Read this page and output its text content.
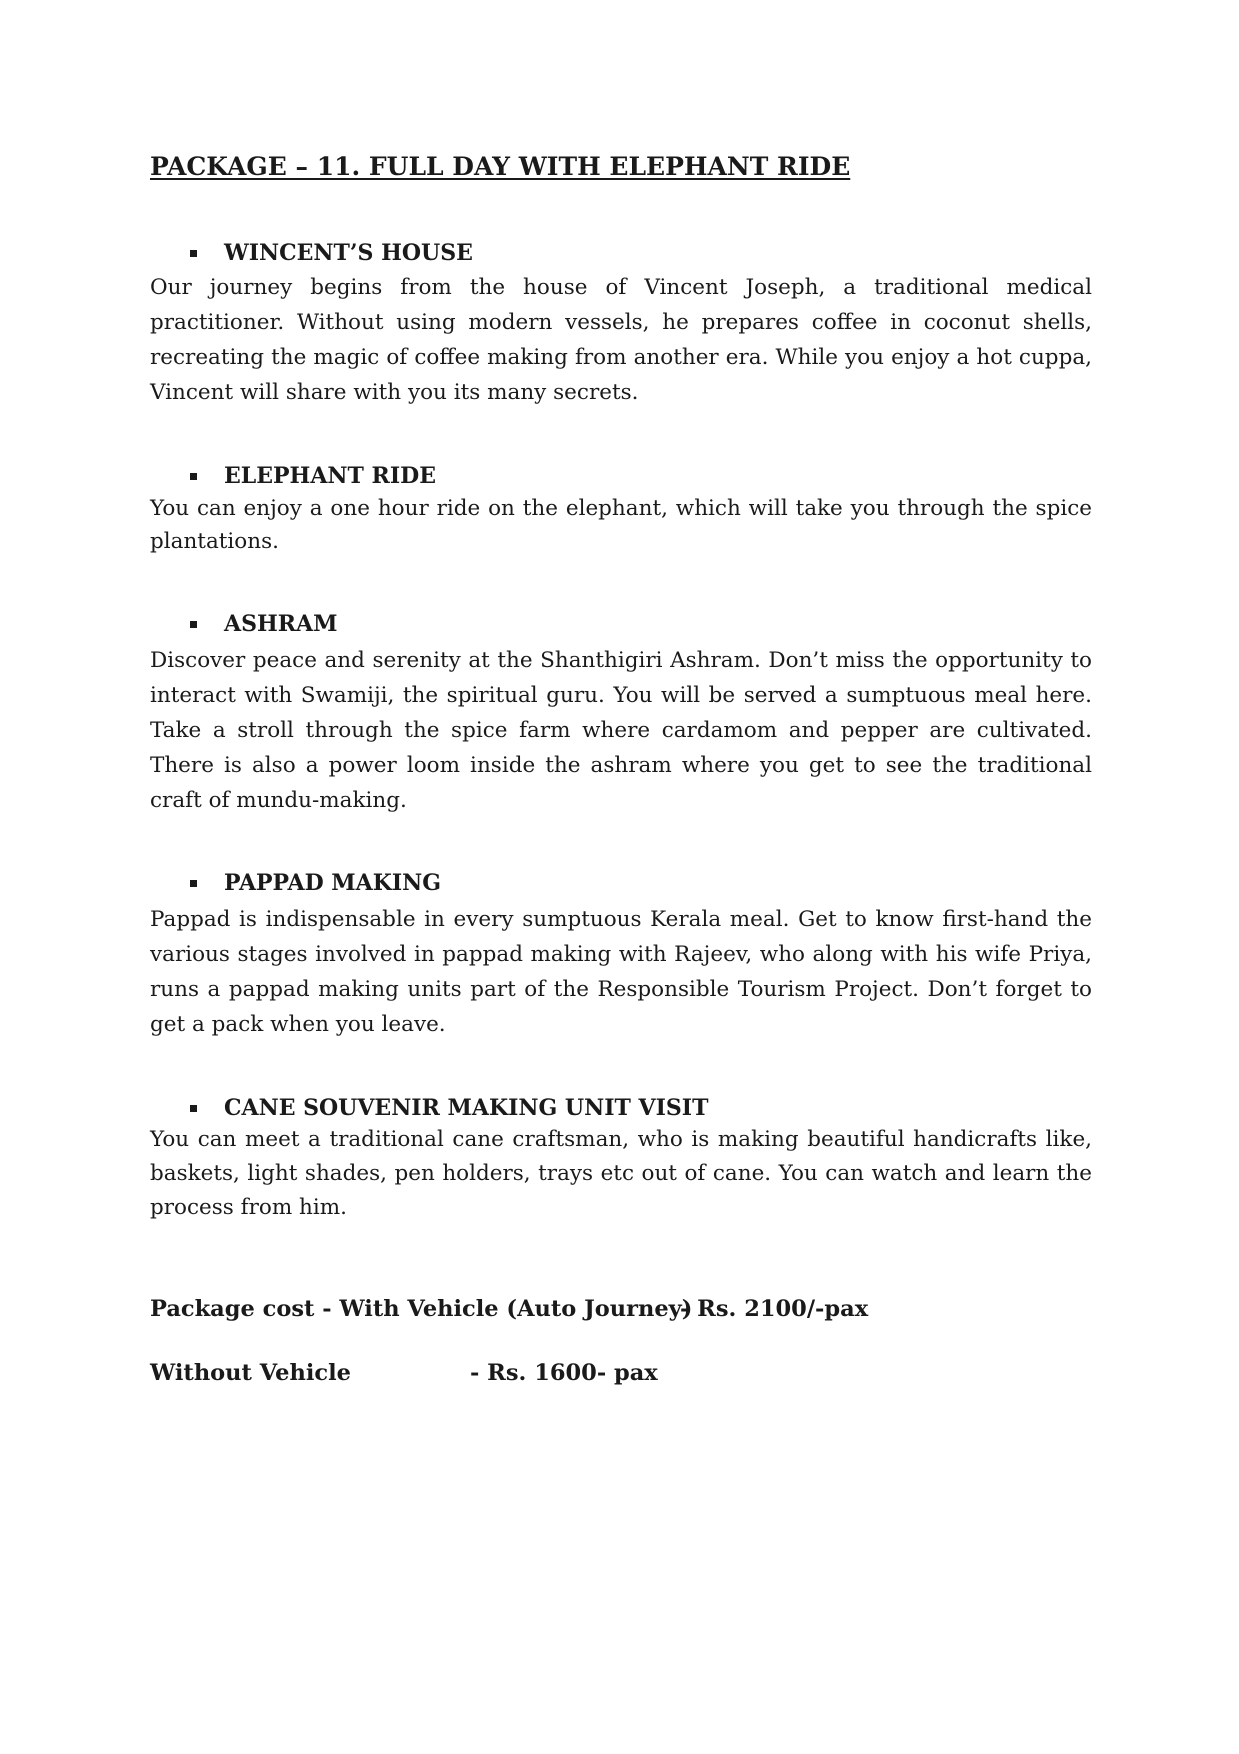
PACKAGE – 11. FULL DAY WITH ELEPHANT RIDE
WINCENT’S HOUSE

Our journey begins from the house of Vincent Joseph, a traditional medical practitioner. Without using modern vessels, he prepares coffee in coconut shells, recreating the magic of coffee making from another era. While you enjoy a hot cuppa, Vincent will share with you its many secrets.

ELEPHANT RIDE

You can enjoy a one hour ride on the elephant, which will take you through the spice plantations.

ASHRAM

Discover peace and serenity at the Shanthigiri Ashram. Don’t miss the opportunity to interact with Swamiji, the spiritual guru. You will be served a sumptuous meal here. Take a stroll through the spice farm where cardamom and pepper are cultivated. There is also a power loom inside the ashram where you get to see the traditional craft of mundu-making.

PAPPAD MAKING

Pappad is indispensable in every sumptuous Kerala meal. Get to know first-hand the various stages involved in pappad making with Rajeev, who along with his wife Priya, runs a pappad making units part of the Responsible Tourism Project. Don’t forget to get a pack when you leave.

CANE SOUVENIR MAKING UNIT VISIT

You can meet a traditional cane craftsman, who is making beautiful handicrafts like, baskets, light shades, pen holders, trays etc out of cane. You can watch and learn the process from him.

Package cost - With Vehicle (Auto Journey)
- Rs. 2100/-pax
Without Vehicle	- Rs. 1600- pax
